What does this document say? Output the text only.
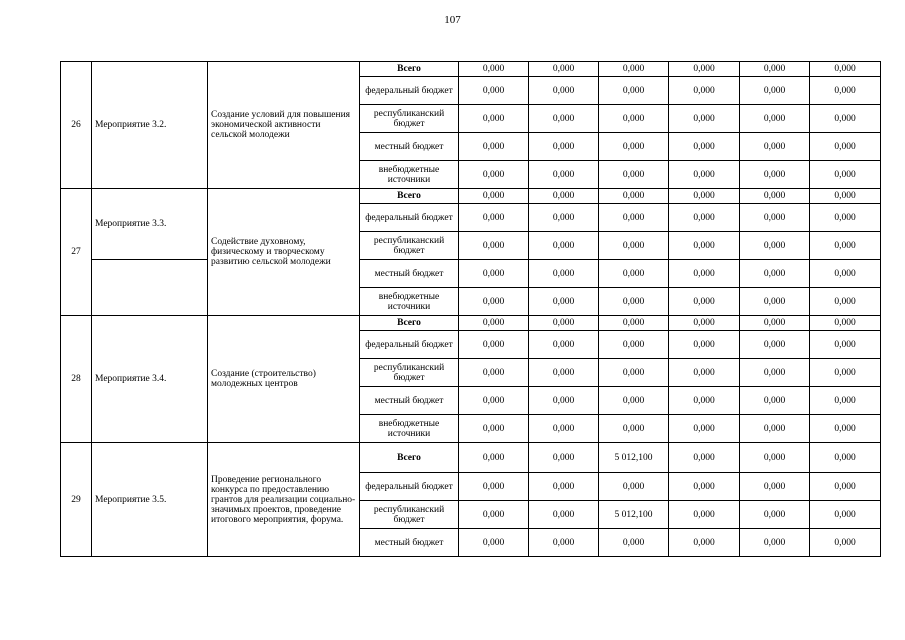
107
26	Мероприятие 3.2.	Создание условий для повышения экономической активности сельской молодежи	Всего	0,000	0,000	0,000	0,000	0,000	0,000
			федеральный бюджет	0,000	0,000	0,000	0,000	0,000	0,000
			республиканский бюджет	0,000	0,000	0,000	0,000	0,000	0,000
			местный бюджет	0,000	0,000	0,000	0,000	0,000	0,000
			внебюджетные источники	0,000	0,000	0,000	0,000	0,000	0,000
27	Мероприятие 3.3.	Содействие духовному, физическому и творческому развитию сельской молодежи	Всего	0,000	0,000	0,000	0,000	0,000	0,000
			федеральный бюджет	0,000	0,000	0,000	0,000	0,000	0,000
			республиканский бюджет	0,000	0,000	0,000	0,000	0,000	0,000
			местный бюджет	0,000	0,000	0,000	0,000	0,000	0,000
			внебюджетные источники	0,000	0,000	0,000	0,000	0,000	0,000
28	Мероприятие 3.4.	Создание (строительство) молодежных центров	Всего	0,000	0,000	0,000	0,000	0,000	0,000
			федеральный бюджет	0,000	0,000	0,000	0,000	0,000	0,000
			республиканский бюджет	0,000	0,000	0,000	0,000	0,000	0,000
			местный бюджет	0,000	0,000	0,000	0,000	0,000	0,000
			внебюджетные источники	0,000	0,000	0,000	0,000	0,000	0,000
29	Мероприятие 3.5.	Проведение регионального конкурса по предоставлению грантов для реализации социально-значимых проектов, проведение итогового мероприятия, форума.	Всего	0,000	0,000	5 012,100	0,000	0,000	0,000
			федеральный бюджет	0,000	0,000	0,000	0,000	0,000	0,000
			республиканский бюджет	0,000	0,000	5 012,100	0,000	0,000	0,000
			местный бюджет	0,000	0,000	0,000	0,000	0,000	0,000
